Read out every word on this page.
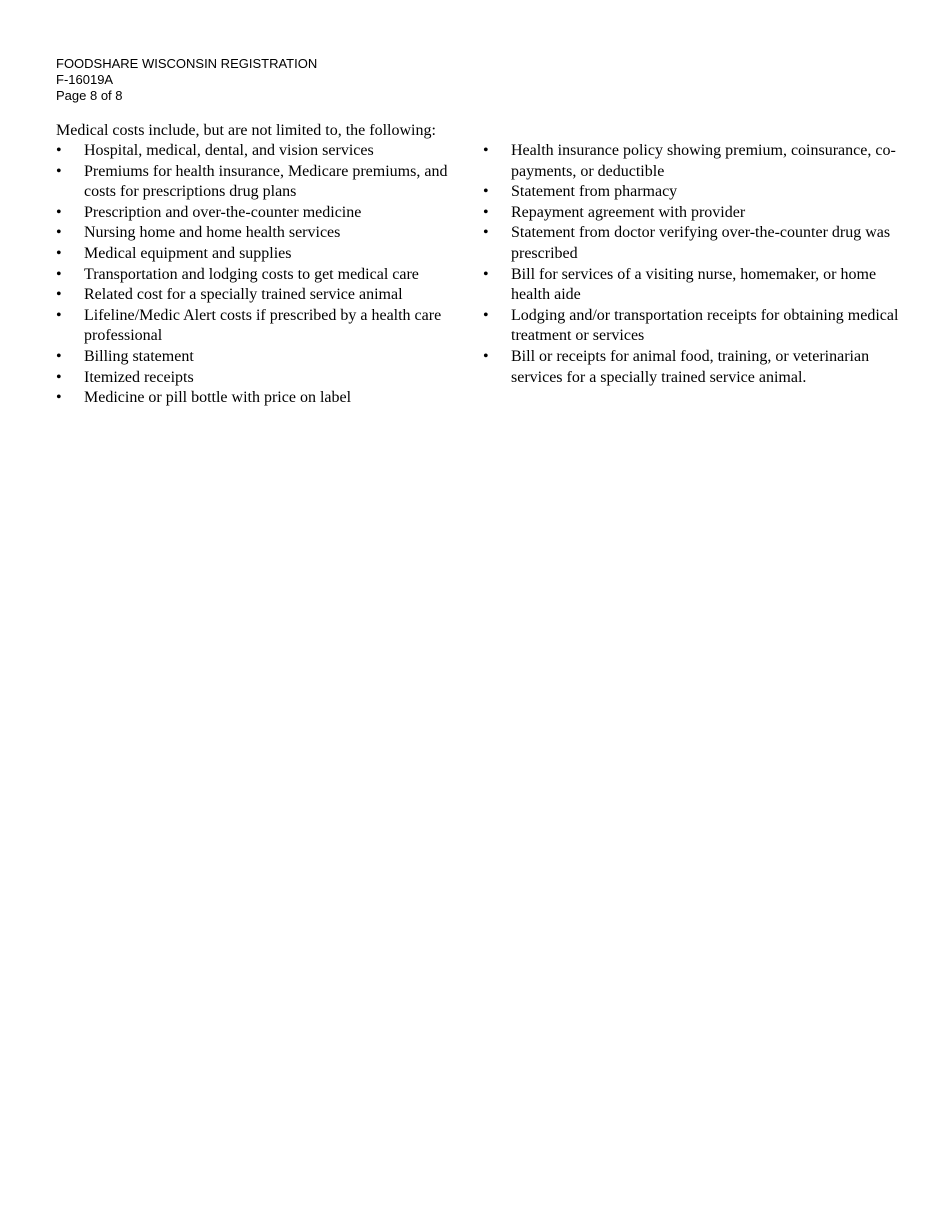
FOODSHARE WISCONSIN REGISTRATION
F-16019A
Page 8 of 8
Medical costs include, but are not limited to, the following:
•
Hospital, medical, dental, and vision services
•
Premiums for health insurance, Medicare premiums, and costs for prescriptions drug plans
•
Prescription and over-the-counter medicine
•
Nursing home and home health services
•
Medical equipment and supplies
•
Transportation and lodging costs to get medical care
•
Related cost for a specially trained service animal
•
Lifeline/Medic Alert costs if prescribed by a health care professional
•
Billing statement
•
Itemized receipts
•
Medicine or pill bottle with price on label
•
Health insurance policy showing premium, coinsurance, co-payments, or deductible
•
Statement from pharmacy
•
Repayment agreement with provider
•
Statement from doctor verifying over-the-counter drug was prescribed
•
Bill for services of a visiting nurse, homemaker, or home health aide
•
Lodging and/or transportation receipts for obtaining medical treatment or services
•
Bill or receipts for animal food, training, or veterinarian services for a specially trained service animal.
